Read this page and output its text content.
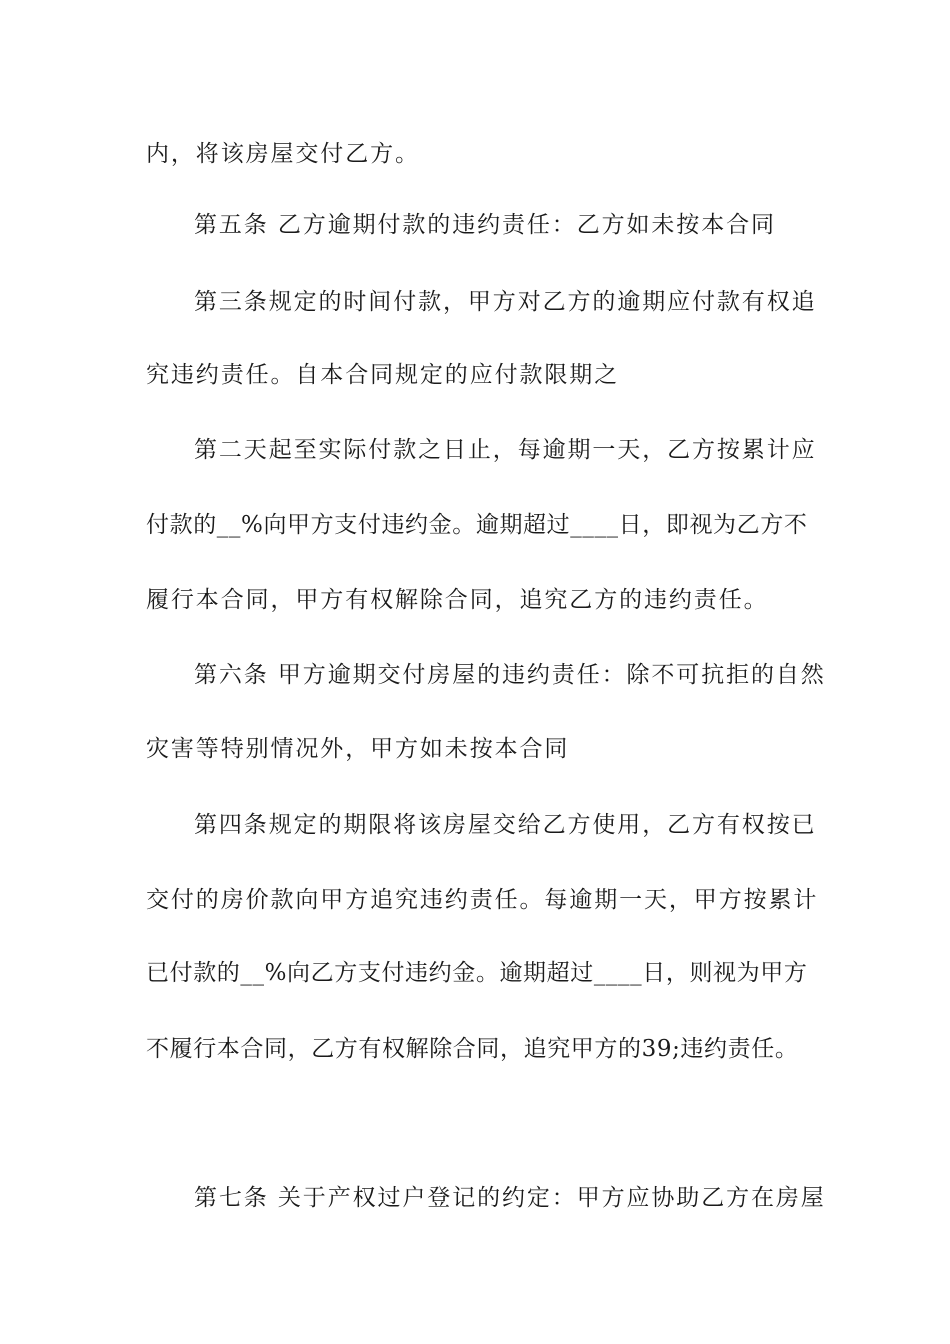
内，将该房屋交付乙方。

第五条 乙方逾期付款的违约责任：乙方如未按本合同

第三条规定的时间付款，甲方对乙方的逾期应付款有权追

究违约责任。自本合同规定的应付款限期之

第二天起至实际付款之日止，每逾期一天，乙方按累计应

付款的__%向甲方支付违约金。逾期超过____日，即视为乙方不

履行本合同，甲方有权解除合同，追究乙方的违约责任。

第六条 甲方逾期交付房屋的违约责任：除不可抗拒的自然

灾害等特别情况外，甲方如未按本合同

第四条规定的期限将该房屋交给乙方使用，乙方有权按已

交付的房价款向甲方追究违约责任。每逾期一天，甲方按累计

已付款的__%向乙方支付违约金。逾期超过____日，则视为甲方

不履行本合同，乙方有权解除合同，追究甲方的39;违约责任。

第七条 关于产权过户登记的约定：甲方应协助乙方在房屋
